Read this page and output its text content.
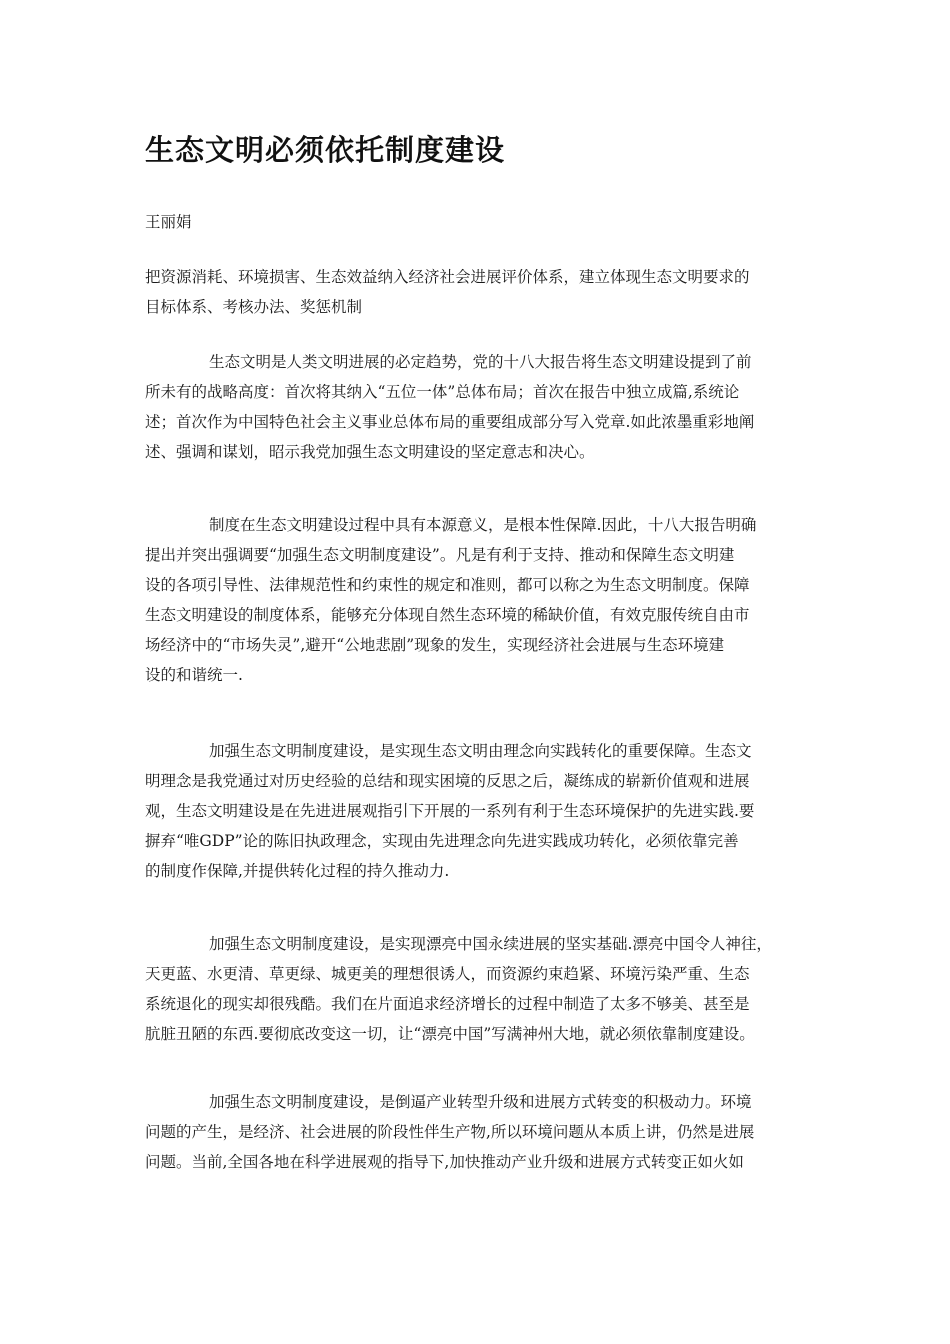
生态文明必须依托制度建设
王丽娟
把资源消耗、环境损害、生态效益纳入经济社会进展评价体系，建立体现生态文明要求的
目标体系、考核办法、奖惩机制
生态文明是人类文明进展的必定趋势，党的十八大报告将生态文明建设提到了前
所未有的战略高度：首次将其纳入“五位一体”总体布局；首次在报告中独立成篇,系统论
述；首次作为中国特色社会主义事业总体布局的重要组成部分写入党章.如此浓墨重彩地阐
述、强调和谋划，昭示我党加强生态文明建设的坚定意志和决心。
制度在生态文明建设过程中具有本源意义，是根本性保障.因此，十八大报告明确
提出并突出强调要“加强生态文明制度建设”。凡是有利于支持、推动和保障生态文明建
设的各项引导性、法律规范性和约束性的规定和准则，都可以称之为生态文明制度。保障
生态文明建设的制度体系，能够充分体现自然生态环境的稀缺价值，有效克服传统自由市
场经济中的“市场失灵”,避开“公地悲剧”现象的发生，实现经济社会进展与生态环境建
设的和谐统一.
加强生态文明制度建设，是实现生态文明由理念向实践转化的重要保障。生态文
明理念是我党通过对历史经验的总结和现实困境的反思之后，凝练成的崭新价值观和进展
观，生态文明建设是在先进进展观指引下开展的一系列有利于生态环境保护的先进实践.要
摒弃“唯GDP”论的陈旧执政理念，实现由先进理念向先进实践成功转化，必须依靠完善
的制度作保障,并提供转化过程的持久推动力.
加强生态文明制度建设，是实现漂亮中国永续进展的坚实基础.漂亮中国令人神往，
天更蓝、水更清、草更绿、城更美的理想很诱人，而资源约束趋紧、环境污染严重、生态
系统退化的现实却很残酷。我们在片面追求经济增长的过程中制造了太多不够美、甚至是
肮脏丑陋的东西.要彻底改变这一切，让“漂亮中国”写满神州大地，就必须依靠制度建设。
加强生态文明制度建设，是倒逼产业转型升级和进展方式转变的积极动力。环境
问题的产生，是经济、社会进展的阶段性伴生产物,所以环境问题从本质上讲，仍然是进展
问题。当前,全国各地在科学进展观的指导下,加快推动产业升级和进展方式转变正如火如
